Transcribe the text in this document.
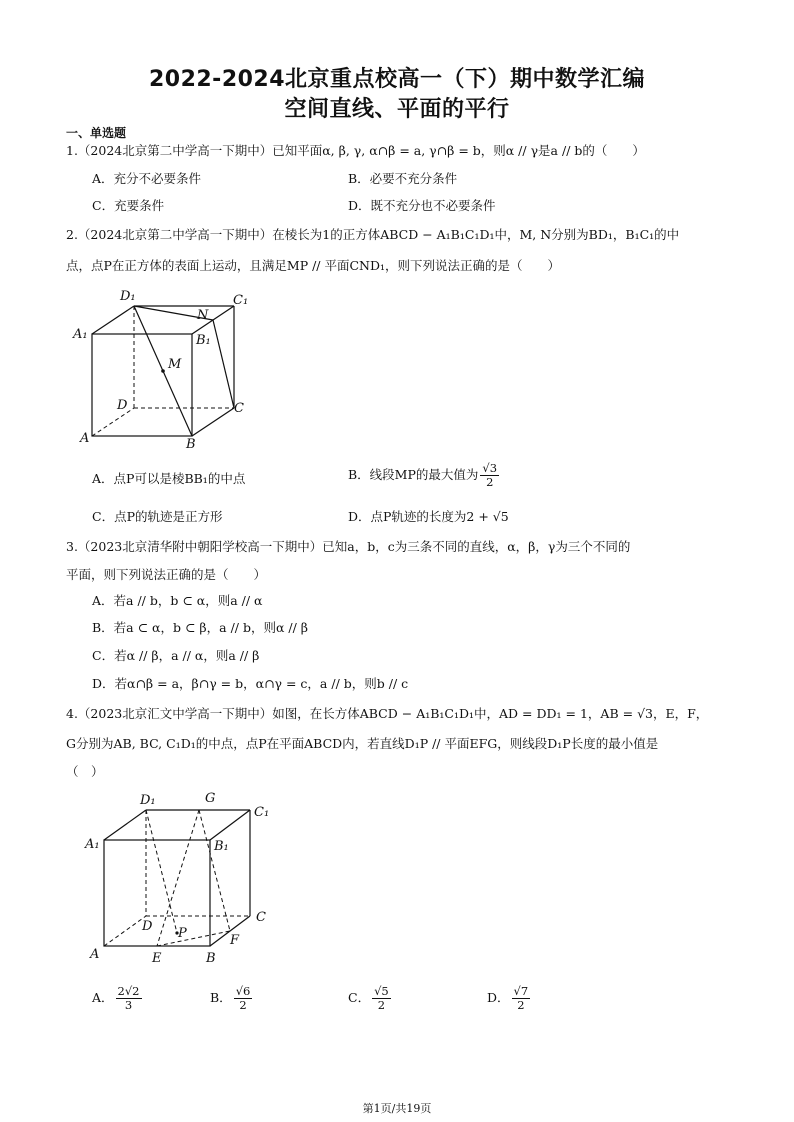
2022-2024北京重点校高一（下）期中数学汇编
空间直线、平面的平行
一、单选题
1.（2024北京第二中学高一下期中）已知平面α, β, γ, α∩β = a, γ∩β = b，则α // γ是a // b的（　　）
A．充分不必要条件	B．必要不充分条件
C．充要条件	D．既不充分也不必要条件
2.（2024北京第二中学高一下期中）在棱长为1的正方体ABCD − A₁B₁C₁D₁中，M, N分别为BD₁，B₁C₁的中
点，点P在正方体的表面上运动，且满足MP // 平面CND₁，则下列说法正确的是（　　）
D₁	C₁
N
A₁	B₁
M
D	C
A	B
A．点P可以是棱BB₁的中点	B．线段MP的最大值为 $\frac{√3}{2}$
C．点P的轨迹是正方形	D．点P轨迹的长度为2 + √5
3.（2023北京清华附中朝阳学校高一下期中）已知a，b，c为三条不同的直线，α，β，γ为三个不同的
平面，则下列说法正确的是（　　）
A．若a // b，b ⊂ α，则a // α
B．若a ⊂ α，b ⊂ β，a // b，则α // β
C．若α // β，a // α，则a // β
D．若α∩β = a，β∩γ = b，α∩γ = c，a // b，则b // c
4.（2023北京汇文中学高一下期中）如图，在长方体ABCD − A₁B₁C₁D₁中，AD = DD₁ = 1，AB = √3，E，F，
G分别为AB, BC, C₁D₁的中点，点P在平面ABCD内，若直线D₁P // 平面EFG，则线段D₁P长度的最小值是
（　）
D₁	G
C₁
A₁	B₁
C
D P	F
A	E	B
A． $\frac{2√2}{3}$	B． $\frac{√6}{2}$	C． $\frac{√5}{2}$	D． $\frac{√7}{2}$
第1页/共19页
